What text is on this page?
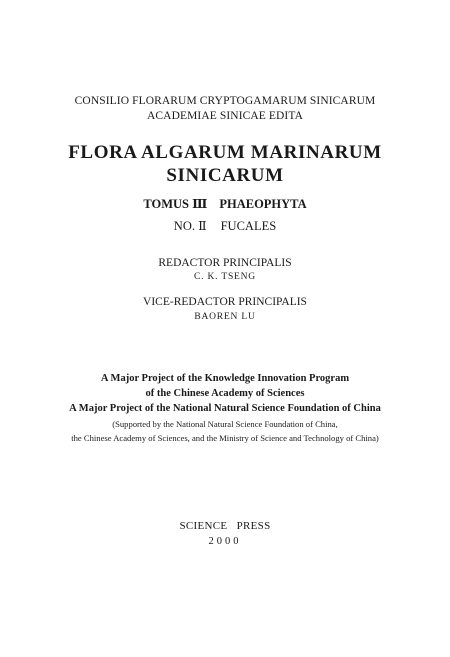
CONSILIO FLORARUM CRYPTOGAMARUM SINICARUM
ACADEMIAE SINICAE EDITA
FLORA ALGARUM MARINARUM
SINICARUM
TOMUS Ⅲ PHAEOPHYTA
NO. Ⅱ FUCALES
REDACTOR PRINCIPALIS
C. K. TSENG
VICE-REDACTOR PRINCIPALIS
BAOREN LU
A Major Project of the Knowledge Innovation Program
of the Chinese Academy of Sciences
A Major Project of the National Natural Science Foundation of China
(Supported by the National Natural Science Foundation of China,
the Chinese Academy of Sciences, and the Ministry of Science and Technology of China)
SCIENCE   PRESS
2000
